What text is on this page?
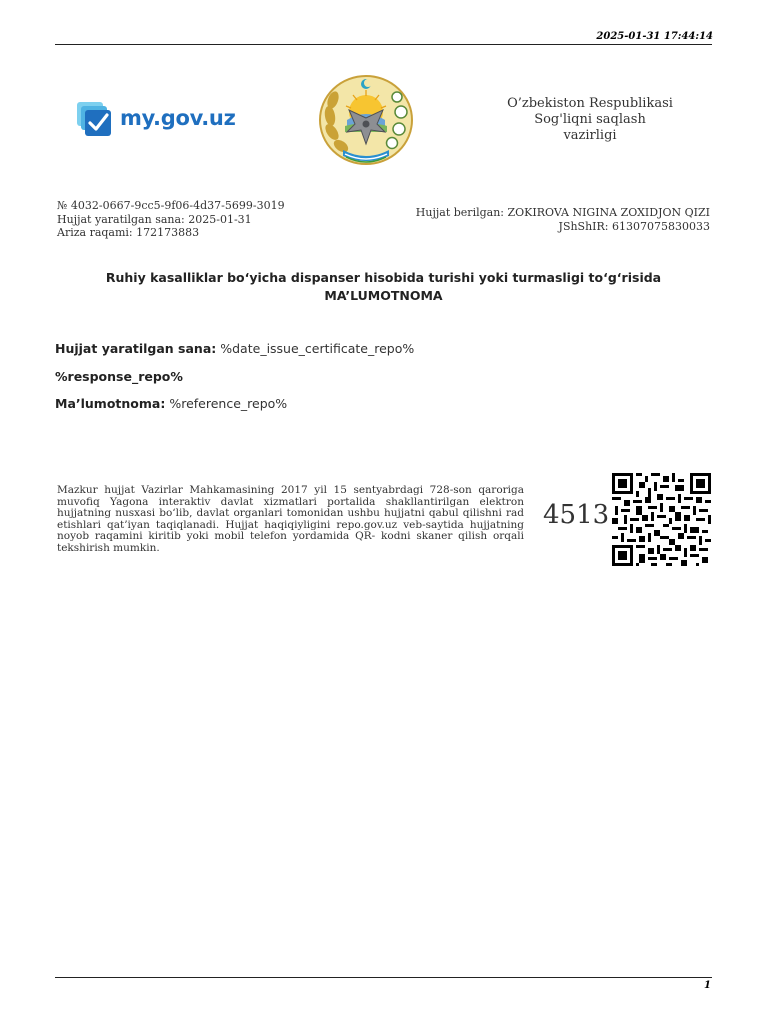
2025-01-31 17:44:14
my.gov.uz
O’zbekiston Respublikasi
Sog'liqni saqlash
vazirligi
№ 4032-0667-9cc5-9f06-4d37-5699-3019
Hujjat yaratilgan sana: 2025-01-31
Ariza raqami: 172173883
Hujjat berilgan: ZOKIROVA NIGINA ZOXIDJON QIZI
JShShIR: 61307075830033
Ruhiy kasalliklar bo‘yicha dispanser hisobida turishi yoki turmasligi to‘g‘risida
MA’LUMOTNOMA
Hujjat yaratilgan sana: %date_issue_certificate_repo%
%response_repo%
Ma’lumotnoma: %reference_repo%
Mazkur hujjat Vazirlar Mahkamasining 2017 yil 15 sentyabrdagi 728-son qaroriga muvofiq Yagona interaktiv davlat xizmatlari portalida shakllantirilgan elektron hujjatning nusxasi bo‘lib, davlat organlari tomonidan ushbu hujjatni qabul qilishni rad etishlari qat’iyan taqiqlanadi. Hujjat haqiqiyligini repo.gov.uz veb-saytida hujjatning noyob raqamini kiritib yoki mobil telefon yordamida QR- kodni skaner qilish orqali tekshirish mumkin.
4513
1
